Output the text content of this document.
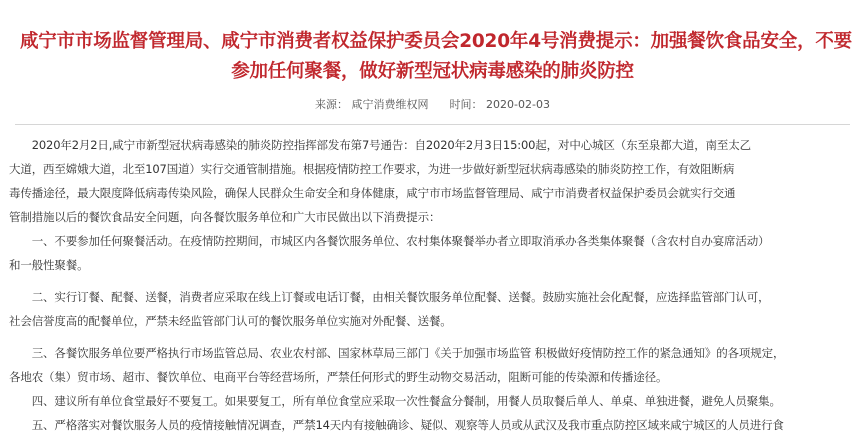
咸宁市市场监督管理局、咸宁市消费者权益保护委员会2020年4号消费提示：加强餐饮食品安全，不要
参加任何聚餐，做好新型冠状病毒感染的肺炎防控
来源： 咸宁消费维权网 时间： 2020-02-03

　　2020年2月2日,咸宁市新型冠状病毒感染的肺炎防控指挥部发布第7号通告：自2020年2月3日15:00起，对中心城区（东至泉都大道，南至太乙
大道，西至嫦娥大道，北至107国道）实行交通管制措施。根据疫情防控工作要求，为进一步做好新型冠状病毒感染的肺炎防控工作，有效阻断病
毒传播途径，最大限度降低病毒传染风险，确保人民群众生命安全和身体健康，咸宁市市场监督管理局、咸宁市消费者权益保护委员会就实行交通
管制措施以后的餐饮食品安全问题，向各餐饮服务单位和广大市民做出以下消费提示：

　　一、不要参加任何聚餐活动。在疫情防控期间，市城区内各餐饮服务单位、农村集体聚餐举办者立即取消承办各类集体聚餐（含农村自办宴席活动）
和一般性聚餐。

　　二、实行订餐、配餐、送餐，消费者应采取在线上订餐或电话订餐，由相关餐饮服务单位配餐、送餐。鼓励实施社会化配餐，应选择监管部门认可，
社会信誉度高的配餐单位，严禁未经监管部门认可的餐饮服务单位实施对外配餐、送餐。

　　三、各餐饮服务单位要严格执行市场监管总局、农业农村部、国家林草局三部门《关于加强市场监管 积极做好疫情防控工作的紧急通知》的各项规定，
各地农（集）贸市场、超市、餐饮单位、电商平台等经营场所，严禁任何形式的野生动物交易活动，阻断可能的传染源和传播途径。

　　四、建议所有单位食堂最好不要复工。如果要复工，所有单位食堂应采取一次性餐盒分餐制，用餐人员取餐后单人、单桌、单独进餐，避免人员聚集。

　　五、严格落实对餐饮服务人员的疫情接触情况调查，严禁14天内有接触确诊、疑似、观察等人员或从武汉及我市重点防控区域来咸宁城区的人员进行食
